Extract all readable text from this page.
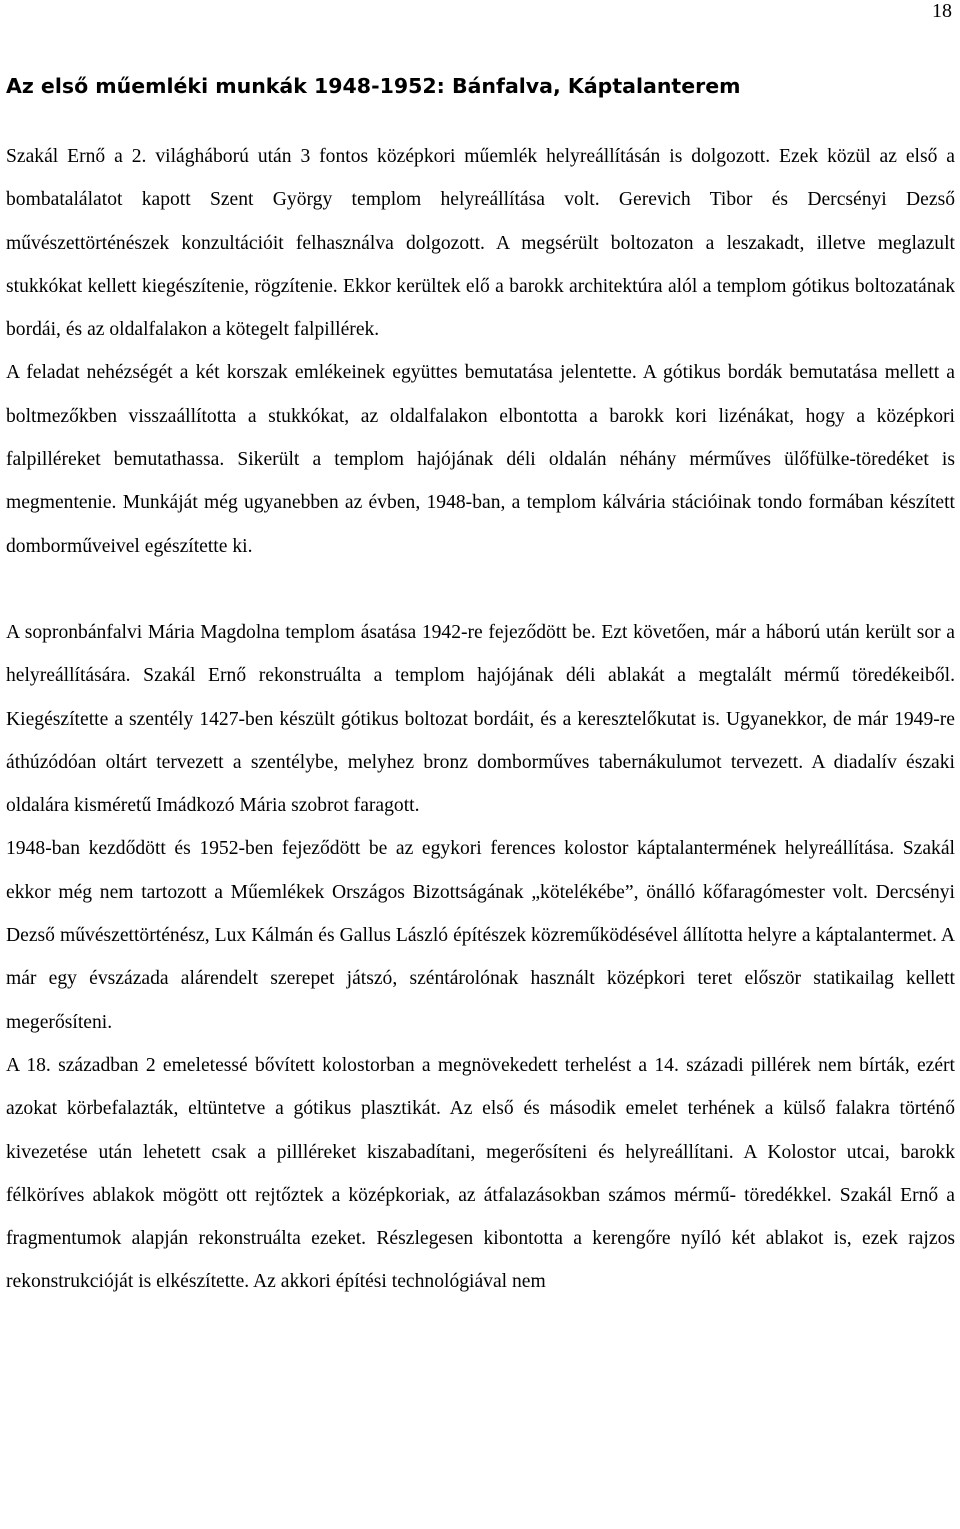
18
Az első műemléki munkák 1948-1952: Bánfalva, Káptalanterem

Szakál Ernő a 2. világháború után 3 fontos középkori műemlék helyreállításán is dolgozott. Ezek közül az első a bombatalálatot kapott Szent György templom helyreállítása volt. Gerevich Tibor és Dercsényi Dezső művészettörténészek konzultációit felhasználva dolgozott. A megsérült boltozaton a leszakadt, illetve meglazult stukkókat kellett kiegészítenie, rögzítenie. Ekkor kerültek elő a barokk architektúra alól a templom gótikus boltozatának bordái, és az oldalfalakon a kötegelt falpillérek.

A feladat nehézségét a két korszak emlékeinek együttes bemutatása jelentette. A gótikus bordák bemutatása mellett a boltmezőkben visszaállította a stukkókat, az oldalfalakon elbontotta a barokk kori lizénákat, hogy a középkori falpilléreket bemutathassa. Sikerült a templom hajójának déli oldalán néhány mérműves ülőfülke-töredéket is megmentenie. Munkáját még ugyanebben az évben, 1948-ban, a templom kálvária stációinak tondo formában készített domborműveivel egészítette ki.

A sopronbánfalvi Mária Magdolna templom ásatása 1942-re fejeződött be. Ezt követően, már a háború után került sor a helyreállítására. Szakál Ernő rekonstruálta a templom hajójának déli ablakát a megtalált mérmű töredékeiből. Kiegészítette a szentély 1427-ben készült gótikus boltozat bordáit, és a keresztelőkutat is. Ugyanekkor, de már 1949-re áthúzódóan oltárt tervezett a szentélybe, melyhez bronz domborműves tabernákulumot tervezett. A diadalív északi oldalára kisméretű Imádkozó Mária szobrot faragott.

1948-ban kezdődött és 1952-ben fejeződött be az egykori ferences kolostor káptalantermének helyreállítása. Szakál ekkor még nem tartozott a Műemlékek Országos Bizottságának „kötelékébe”, önálló kőfaragómester volt. Dercsényi Dezső művészettörténész, Lux Kálmán és Gallus László építészek közreműködésével állította helyre a káptalantermet. A már egy évszázada alárendelt szerepet játszó, széntárolónak használt középkori teret először statikailag kellett megerősíteni.

A 18. században 2 emeletessé bővített kolostorban a megnövekedett terhelést a 14. századi pillérek nem bírták, ezért azokat körbefalazták, eltüntetve a gótikus plasztikát. Az első és második emelet terhének a külső falakra történő kivezetése után lehetett csak a pillléreket kiszabadítani, megerősíteni és helyreállítani. A Kolostor utcai, barokk félköríves ablakok mögött ott rejtőztek a középkoriak, az átfalazásokban számos mérmű- töredékkel. Szakál Ernő a fragmentumok alapján rekonstruálta ezeket. Részlegesen kibontotta a kerengőre nyíló két ablakot is, ezek rajzos rekonstrukcióját is elkészítette. Az akkori építési technológiával nem
